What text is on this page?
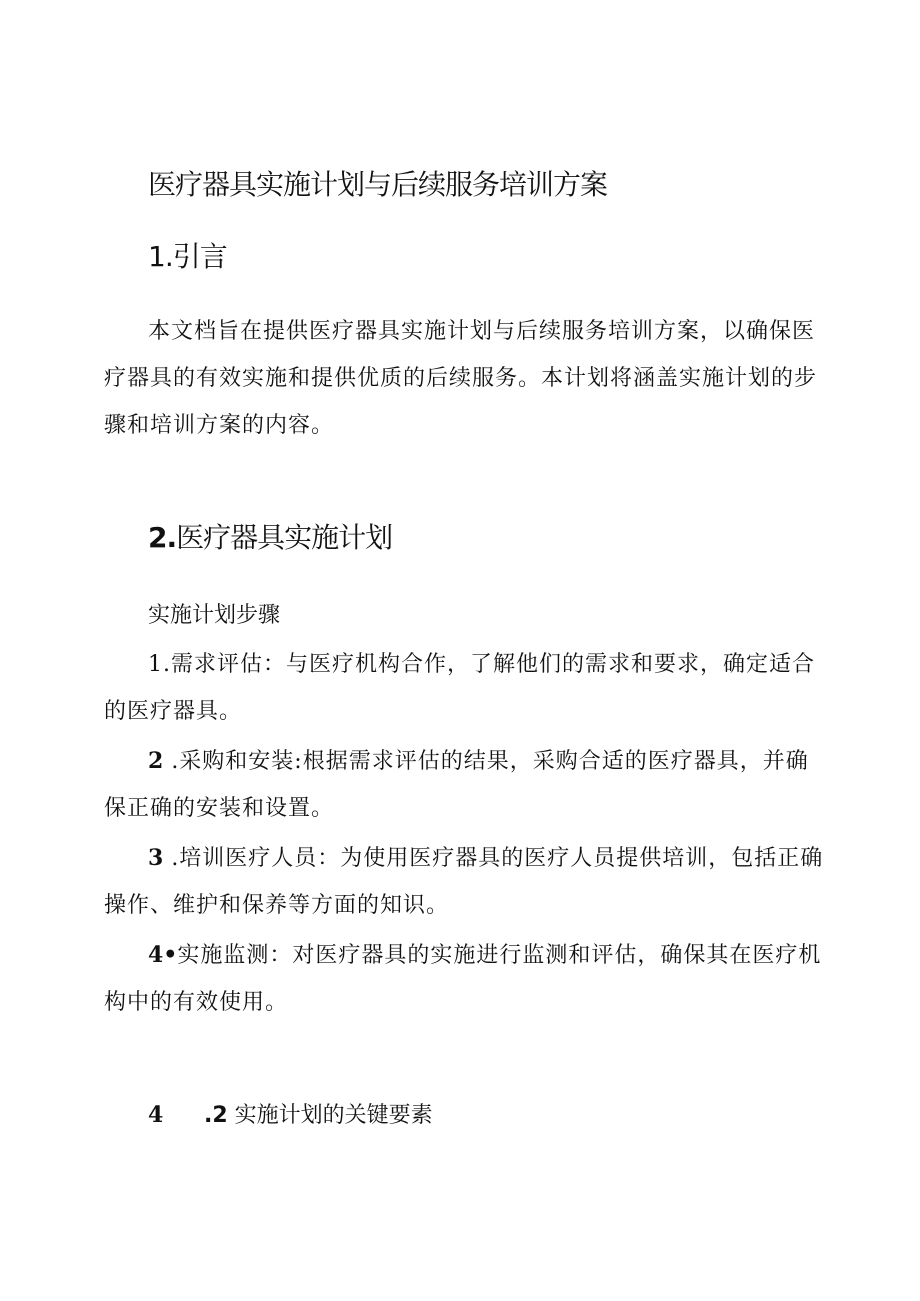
医疗器具实施计划与后续服务培训方案
1.引言

本文档旨在提供医疗器具实施计划与后续服务培训方案，以确保医疗器具的有效实施和提供优质的后续服务。本计划将涵盖实施计划的步骤和培训方案的内容。

2.医疗器具实施计划
实施计划步骤

1.需求评估：与医疗机构合作，了解他们的需求和要求，确定适合的医疗器具。

2 .采购和安装:根据需求评估的结果，采购合适的医疗器具，并确保正确的安装和设置。

3 .培训医疗人员：为使用医疗器具的医疗人员提供培训，包括正确操作、维护和保养等方面的知识。

4•实施监测：对医疗器具的实施进行监测和评估，确保其在医疗机构中的有效使用。

4 .2 实施计划的关键要素
